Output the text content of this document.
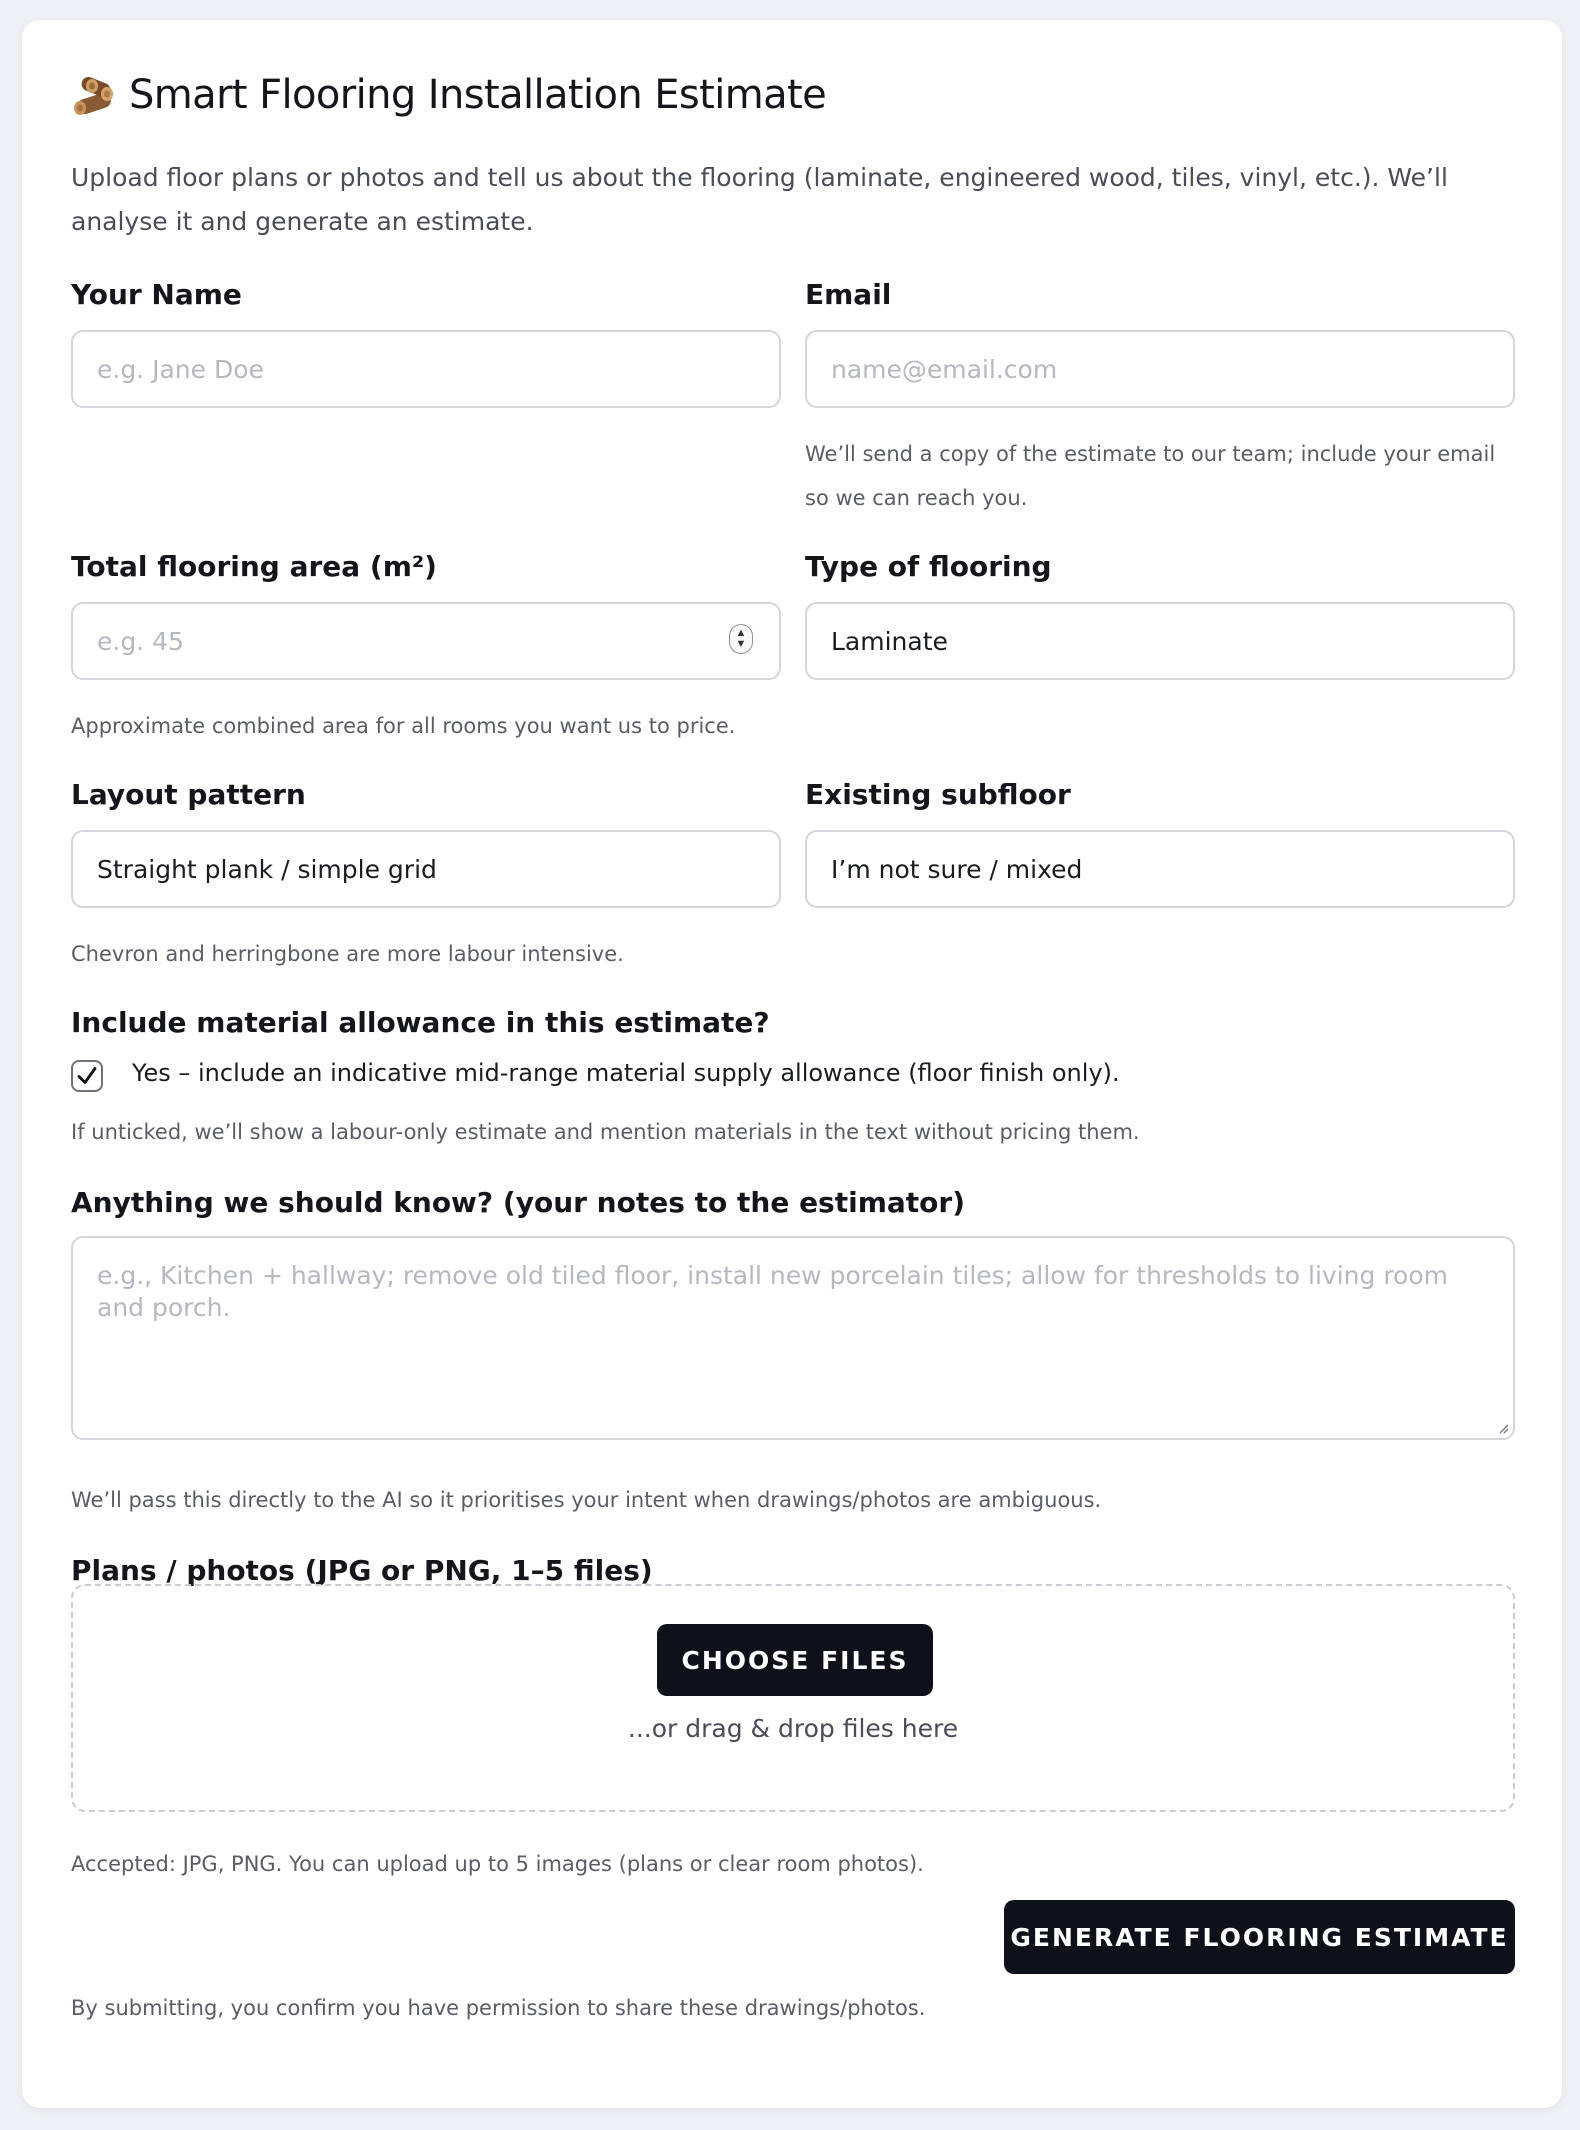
Smart Flooring Installation Estimate

Upload floor plans or photos and tell us about the flooring (laminate, engineered wood, tiles, vinyl, etc.). We’ll analyse it and generate an estimate.

Your Name

e.g. Jane Doe	Email

name@email.com

We’ll send a copy of the estimate to our team; include your email so we can reach you.

Total flooring area (m²)

e.g. 45
▲
▼

Approximate combined area for all rooms you want us to price.

Type of flooring

Laminate

Layout pattern

Straight plank / simple grid

Chevron and herringbone are more labour intensive.

Existing subfloor

I’m not sure / mixed

Include material allowance in this estimate?

Yes – include an indicative mid-range material supply allowance (floor finish only).

If unticked, we’ll show a labour-only estimate and mention materials in the text without pricing them.

Anything we should know? (your notes to the estimator)

e.g., Kitchen + hallway; remove old tiled floor, install new porcelain tiles; allow for thresholds to living room and porch.

We’ll pass this directly to the AI so it prioritises your intent when drawings/photos are ambiguous.

Plans / photos (JPG or PNG, 1–5 files)

CHOOSE FILES

...or drag & drop files here

Accepted: JPG, PNG. You can upload up to 5 images (plans or clear room photos).

GENERATE FLOORING ESTIMATE

By submitting, you confirm you have permission to share these drawings/photos.
